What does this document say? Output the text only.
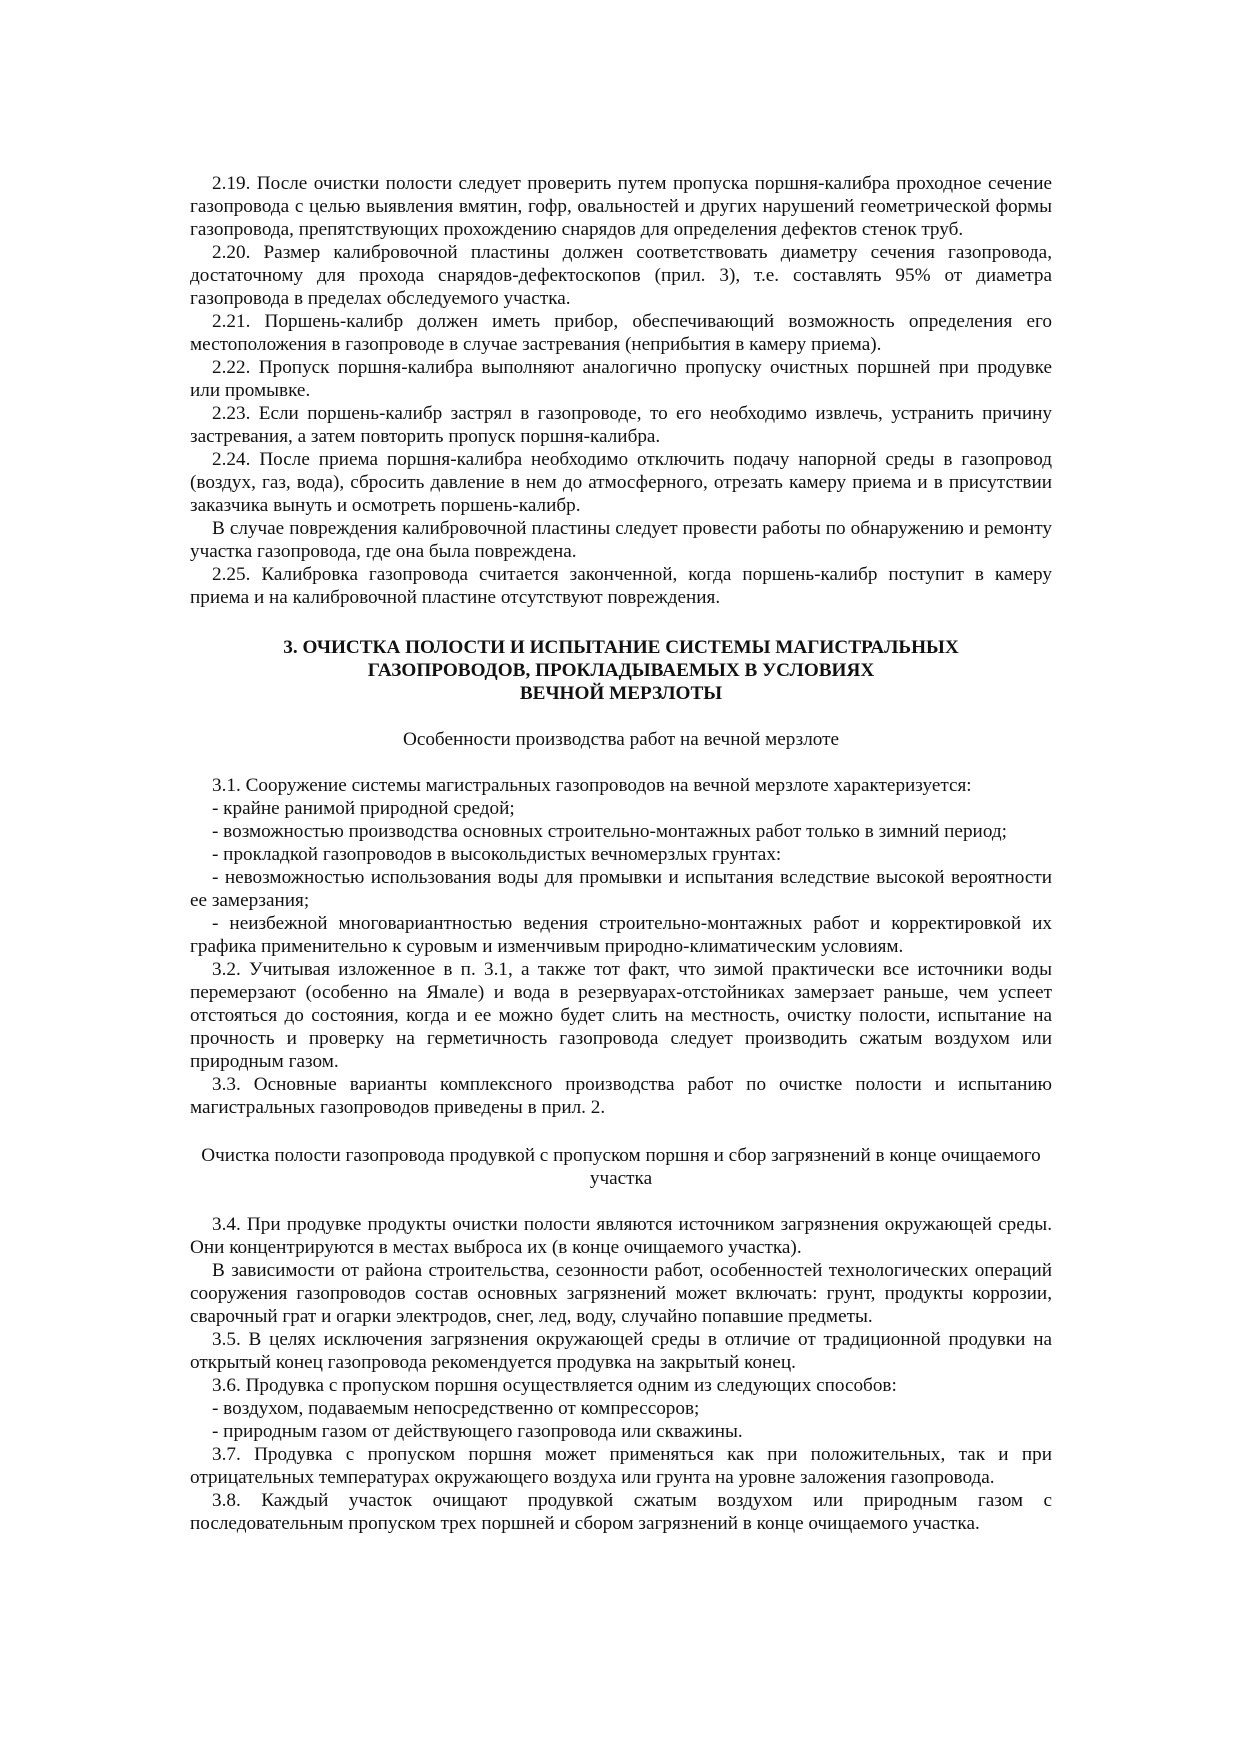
2.19. После очистки полости следует проверить путем пропуска поршня-калибра проходное сечение газопровода с целью выявления вмятин, гофр, овальностей и других нарушений геометрической формы газопровода, препятствующих прохождению снарядов для определения дефектов стенок труб.

2.20. Размер калибровочной пластины должен соответствовать диаметру сечения газопровода, достаточному для прохода снарядов-дефектоскопов (прил. 3), т.е. составлять 95% от диаметра газопровода в пределах обследуемого участка.

2.21. Поршень-калибр должен иметь прибор, обеспечивающий возможность определения его местоположения в газопроводе в случае застревания (неприбытия в камеру приема).

2.22. Пропуск поршня-калибра выполняют аналогично пропуску очистных поршней при продувке или промывке.

2.23. Если поршень-калибр застрял в газопроводе, то его необходимо извлечь, устранить причину застревания, а затем повторить пропуск поршня-калибра.

2.24. После приема поршня-калибра необходимо отключить подачу напорной среды в газопровод (воздух, газ, вода), сбросить давление в нем до атмосферного, отрезать камеру приема и в присутствии заказчика вынуть и осмотреть поршень-калибр.

В случае повреждения калибровочной пластины следует провести работы по обнаружению и ремонту участка газопровода, где она была повреждена.

2.25. Калибровка газопровода считается законченной, когда поршень-калибр поступит в камеру приема и на калибровочной пластине отсутствуют повреждения.

3. ОЧИСТКА ПОЛОСТИ И ИСПЫТАНИЕ СИСТЕМЫ МАГИСТРАЛЬНЫХ
ГАЗОПРОВОДОВ, ПРОКЛАДЫВАЕМЫХ В УСЛОВИЯХ
ВЕЧНОЙ МЕРЗЛОТЫ

Особенности производства работ на вечной мерзлоте

3.1. Сооружение системы магистральных газопроводов на вечной мерзлоте характеризуется:

- крайне ранимой природной средой;

- возможностью производства основных строительно-монтажных работ только в зимний период;

- прокладкой газопроводов в высокольдистых вечномерзлых грунтах:

- невозможностью использования воды для промывки и испытания вследствие высокой вероятности ее замерзания;

- неизбежной многовариантностью ведения строительно-монтажных работ и корректировкой их графика применительно к суровым и изменчивым природно-климатическим условиям.

3.2. Учитывая изложенное в п. 3.1, а также тот факт, что зимой практически все источники воды перемерзают (особенно на Ямале) и вода в резервуарах-отстойниках замерзает раньше, чем успеет отстояться до состояния, когда и ее можно будет слить на местность, очистку полости, испытание на прочность и проверку на герметичность газопровода следует производить сжатым воздухом или природным газом.

3.3. Основные варианты комплексного производства работ по очистке полости и испытанию магистральных газопроводов приведены в прил. 2.

Очистка полости газопровода продувкой с пропуском поршня и сбор загрязнений в конце очищаемого участка

3.4. При продувке продукты очистки полости являются источником загрязнения окружающей среды. Они концентрируются в местах выброса их (в конце очищаемого участка).

В зависимости от района строительства, сезонности работ, особенностей технологических операций сооружения газопроводов состав основных загрязнений может включать: грунт, продукты коррозии, сварочный грат и огарки электродов, снег, лед, воду, случайно попавшие предметы.

3.5. В целях исключения загрязнения окружающей среды в отличие от традиционной продувки на открытый конец газопровода рекомендуется продувка на закрытый конец.

3.6. Продувка с пропуском поршня осуществляется одним из следующих способов:

- воздухом, подаваемым непосредственно от компрессоров;

- природным газом от действующего газопровода или скважины.

3.7. Продувка с пропуском поршня может применяться как при положительных, так и при отрицательных температурах окружающего воздуха или грунта на уровне заложения газопровода.

3.8. Каждый участок очищают продувкой сжатым воздухом или природным газом с последовательным пропуском трех поршней и сбором загрязнений в конце очищаемого участка.
